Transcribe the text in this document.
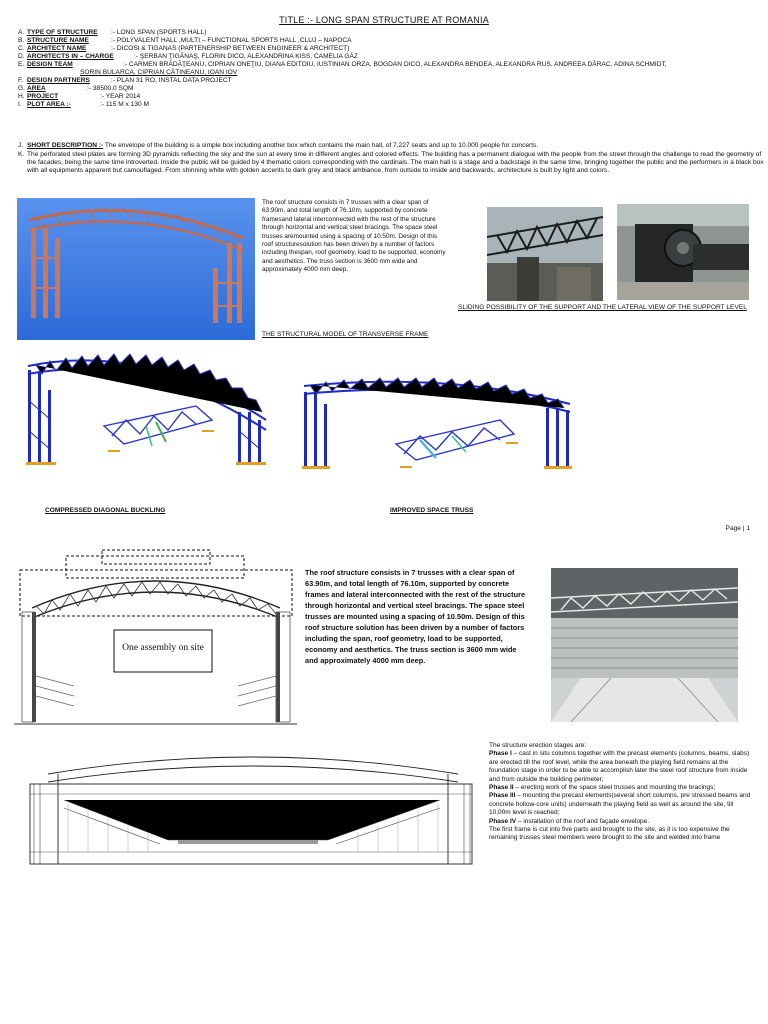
TITLE :- LONG SPAN STRUCTURE AT ROMANIA
A. TYPE OF STRUCTURE :- LONG SPAN (SPORTS HALL)
B. STRUCTURE NAME	:- POLYVALENT HALL ,MULTI – FUNCTIONAL SPORTS HALL ,CLUJ – NAPOCA
C. ARCHITECT NAME	:- DICOSI & TIGANAS (PARTENERSHIP BETWEEN ENGINEER & ARCHITECT)
D. ARCHITECTS IN – CHARGE	:- ŞERBAN ŢIGĂNAŞ, FLORIN DICO, ALEXANDRINA KISS, CAMELIA GĂZ
E. DESIGN TEAM	:- CARMEN BRĂDĂŢEANU, CIPRIAN ONEŢIU, DIANA EDITOIU, IUSTINIAN ORZA, BOGDAN DICO, ALEXANDRA BENDEA, ALEXANDRA RUS, ANDREEA DĂRAC, ADINA SCHMIDT,
SORIN BULARCA, CIPRIAN CĂTINEANU, IOAN IOV
F. DESIGN PARTNERS	:- PLAN 31 RO, INSTAL DATA PROJECT
G. AREA	:- 38500.0 SQM
H. PROJECT	:- YEAR 2014
I. PLOT AREA :-	:- 115 M x 130 M
J. SHORT DESCRIPTION :- The envelope of the building is a simple box including another box which contains the main hall, of 7,227 seats and up to 10.000 people for concerts.
K. The perforated steel plates are forming 3D pyramids reflecting the sky and the sun at every time in different angles and colored effects. The building has a permanent dialogue with the people from the street through the challenge to read the geometry of the facades, being the same time introverted. Inside the public will be guided by 4 thematic colors corresponding with the cardinals. The main hall is a stage and a backstage in the same time, bringing together the public and the performers in a black box with all equipments apparent but camouflaged. From shinning white with golden accents to dark grey and black ambiance, from outside to inside and backwards, architecture is built by light and colors.
The roof structure consists in 7 trusses with a clear span of 63.90m, and total length of 76.10m, supported by concrete framesand lateral interconnected with the rest of the structure through horizontal and vertical steel bracings. The space steel trusses aremounted using a spacing of 10.50m. Design of this roof structuresolution has been driven by a number of factors including thespan, roof geometry, load to be supported, economy and aesthetics. The truss section is 3600 mm wide and approximately 4000 mm deep.
SLIDING POSSIBILITY OF THE SUPPORT AND THE LATERAL VIEW OF THE SUPPORT LEVEL
THE STRUCTURAL MODEL OF TRANSVERSE FRAME
COMPRESSED DIAGONAL BUCKLING	IMPROVED SPACE TRUSS
Page | 1
One assembly on site
The roof structure consists in 7 trusses with a clear span of 63.90m, and total length of 76.10m, supported by concrete frames and lateral interconnected with the rest of the structure through horizontal and vertical steel bracings. The space steel trusses are mounted using a spacing of 10.50m. Design of this roof structure solution has been driven by a number of factors including the span, roof geometry, load to be supported, economy and aesthetics. The truss section is 3600 mm wide and approximately 4000 mm deep.
The structure erection stages are:
Phase I – cast in situ columns together with the precast elements (columns, beams, slabs) are erected till the roof level, while the area beneath the playing field remains at the foundation stage in order to be able to accomplish later the steel roof structure from inside and from outside the building perimeter;
Phase II – erecting work of the space steel trusses and mounting the bracings;
Phase III – mounting the precast elements(several short columns, pre stressed beams and concrete hollow-core units) underneath the playing field as well as around the site, till 10,00m level is reached;
Phase IV – installation of the roof and façade envelope.
The first frame is cut into five parts and brought to the site, as it is too expensive the remaining trusses steel members were brought to the site and welded into frame
